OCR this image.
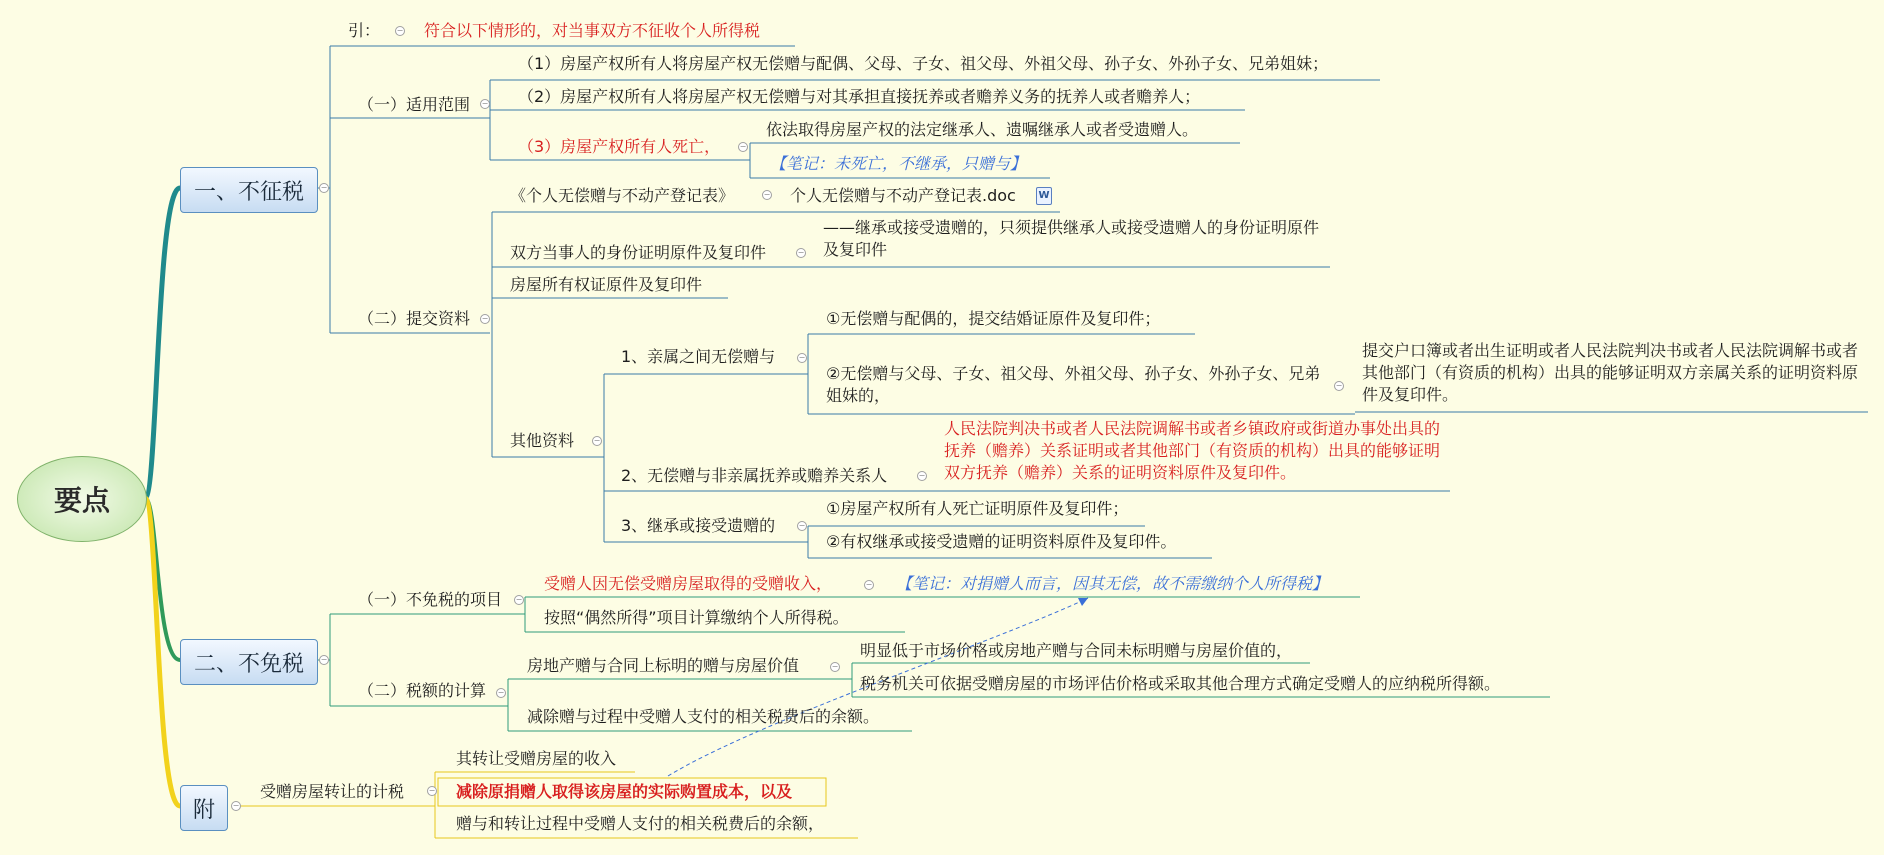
要点
一、不征税
二、不免税
附
−
−
−
−
−
−
−
−
−
−
−
−
−
−
−
−
−
−
−
引：	符合以下情形的，对当事双方不征收个人所得税
（一）适用范围
（1）房屋产权所有人将房屋产权无偿赠与配偶、父母、子女、祖父母、外祖父母、孙子女、外孙子女、兄弟姐妹；
（2）房屋产权所有人将房屋产权无偿赠与对其承担直接抚养或者赡养义务的抚养人或者赡养人；
（3）房屋产权所有人死亡，
依法取得房屋产权的法定继承人、遗嘱继承人或者受遗赠人。
【笔记：未死亡，不继承，只赠与】
（二）提交资料
《个人无偿赠与不动产登记表》	个人无偿赠与不动产登记表.doc W
双方当事人的身份证明原件及复印件
——继承或接受遗赠的，只须提供继承人或接受遗赠人的身份证明原件及复印件
房屋所有权证原件及复印件
其他资料
1、亲属之间无偿赠与
①无偿赠与配偶的，提交结婚证原件及复印件；
②无偿赠与父母、子女、祖父母、外祖父母、孙子女、外孙子女、兄弟姐妹的，
提交户口簿或者出生证明或者人民法院判决书或者人民法院调解书或者其他部门（有资质的机构）出具的能够证明双方亲属关系的证明资料原件及复印件。
2、无偿赠与非亲属抚养或赡养关系人
人民法院判决书或者人民法院调解书或者乡镇政府或街道办事处出具的抚养（赡养）关系证明或者其他部门（有资质的机构）出具的能够证明双方抚养（赡养）关系的证明资料原件及复印件。
3、继承或接受遗赠的
①房屋产权所有人死亡证明原件及复印件；
②有权继承或接受遗赠的证明资料原件及复印件。
（一）不免税的项目
受赠人因无偿受赠房屋取得的受赠收入，	【笔记：对捐赠人而言，因其无偿，故不需缴纳个人所得税】
按照“偶然所得”项目计算缴纳个人所得税。
（二）税额的计算
房地产赠与合同上标明的赠与房屋价值
明显低于市场价格或房地产赠与合同未标明赠与房屋价值的，
税务机关可依据受赠房屋的市场评估价格或采取其他合理方式确定受赠人的应纳税所得额。
减除赠与过程中受赠人支付的相关税费后的余额。
受赠房屋转让的计税
其转让受赠房屋的收入
减除原捐赠人取得该房屋的实际购置成本，以及
赠与和转让过程中受赠人支付的相关税费后的余额，
